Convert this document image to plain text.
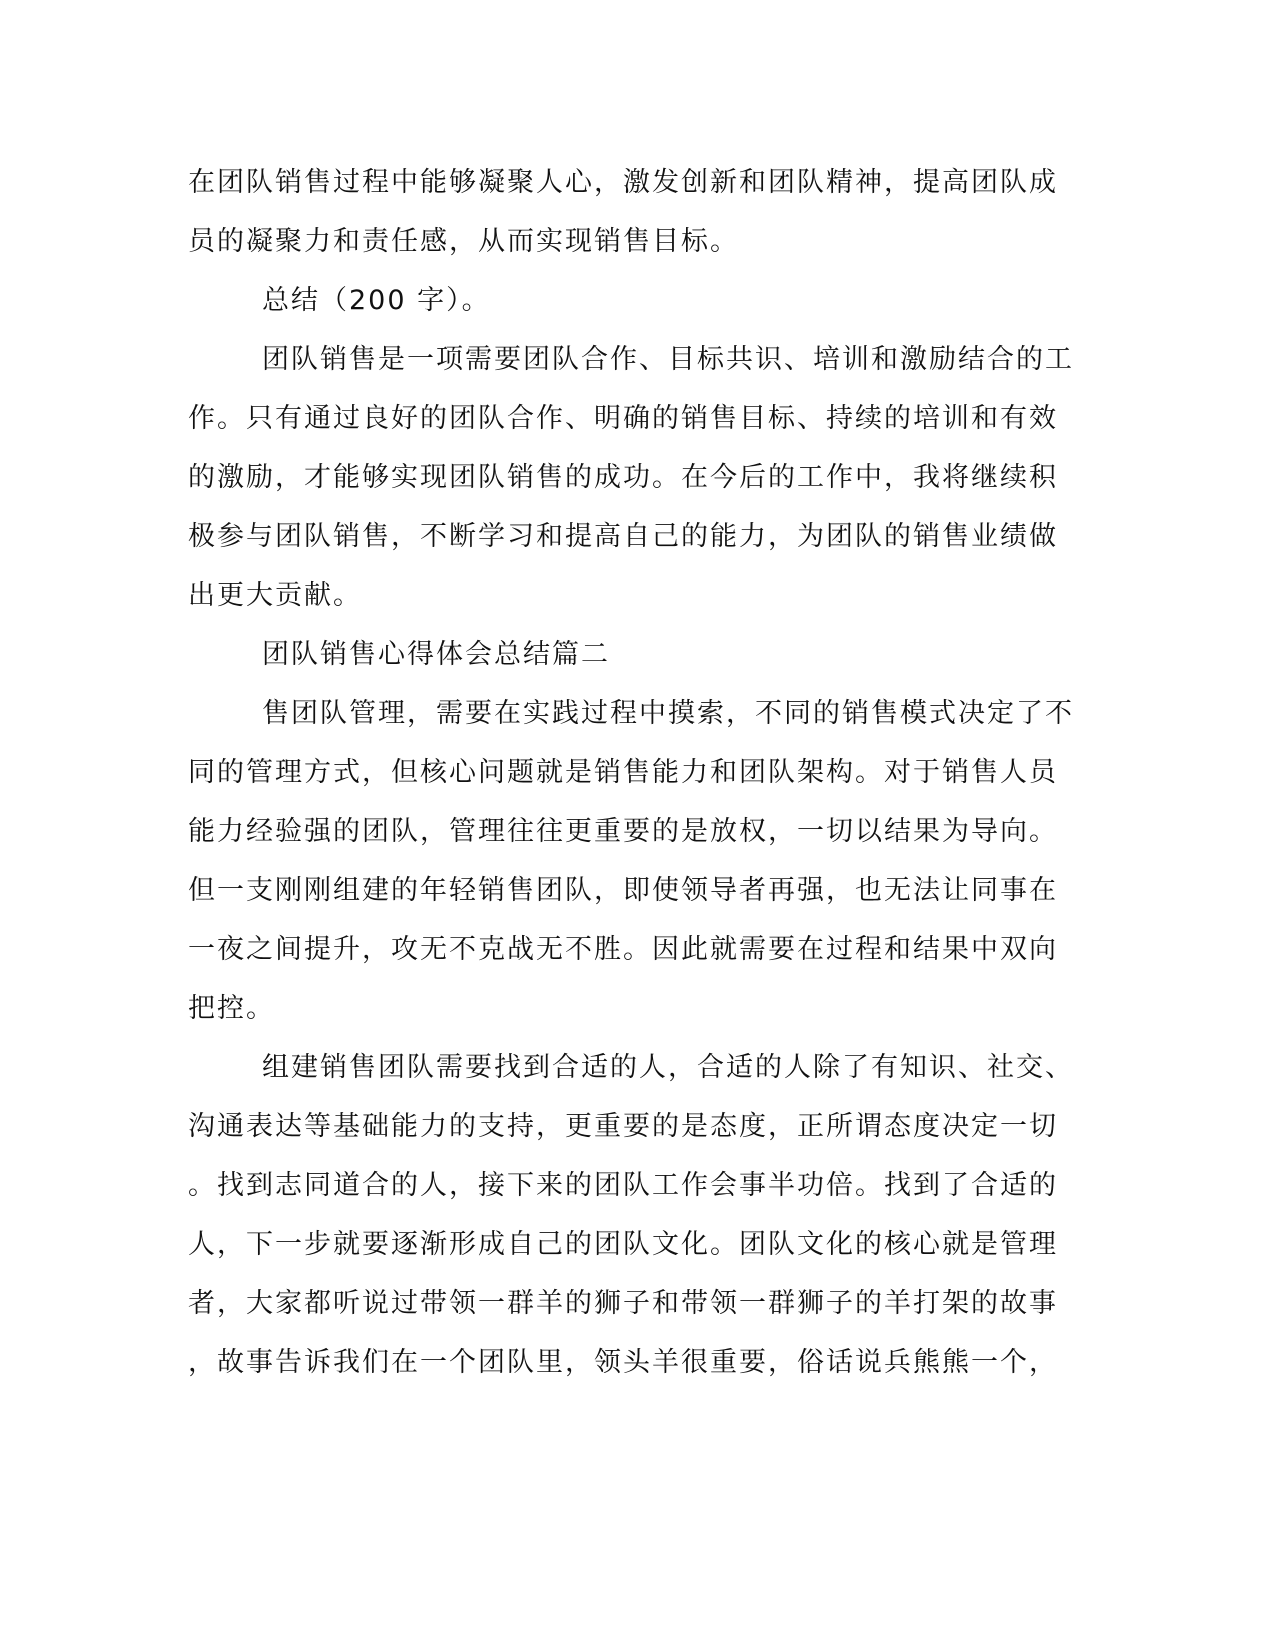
在团队销售过程中能够凝聚人心，激发创新和团队精神，提高团队成
员的凝聚力和责任感，从而实现销售目标。
总结（200 字）。
团队销售是一项需要团队合作、目标共识、培训和激励结合的工
作。只有通过良好的团队合作、明确的销售目标、持续的培训和有效
的激励，才能够实现团队销售的成功。在今后的工作中，我将继续积
极参与团队销售，不断学习和提高自己的能力，为团队的销售业绩做
出更大贡献。
团队销售心得体会总结篇二
售团队管理，需要在实践过程中摸索，不同的销售模式决定了不
同的管理方式，但核心问题就是销售能力和团队架构。对于销售人员
能力经验强的团队，管理往往更重要的是放权，一切以结果为导向。
但一支刚刚组建的年轻销售团队，即使领导者再强，也无法让同事在
一夜之间提升，攻无不克战无不胜。因此就需要在过程和结果中双向
把控。
组建销售团队需要找到合适的人，合适的人除了有知识、社交、
沟通表达等基础能力的支持，更重要的是态度，正所谓态度决定一切
。找到志同道合的人，接下来的团队工作会事半功倍。找到了合适的
人，下一步就要逐渐形成自己的团队文化。团队文化的核心就是管理
者，大家都听说过带领一群羊的狮子和带领一群狮子的羊打架的故事
，故事告诉我们在一个团队里，领头羊很重要，俗话说兵熊熊一个，
